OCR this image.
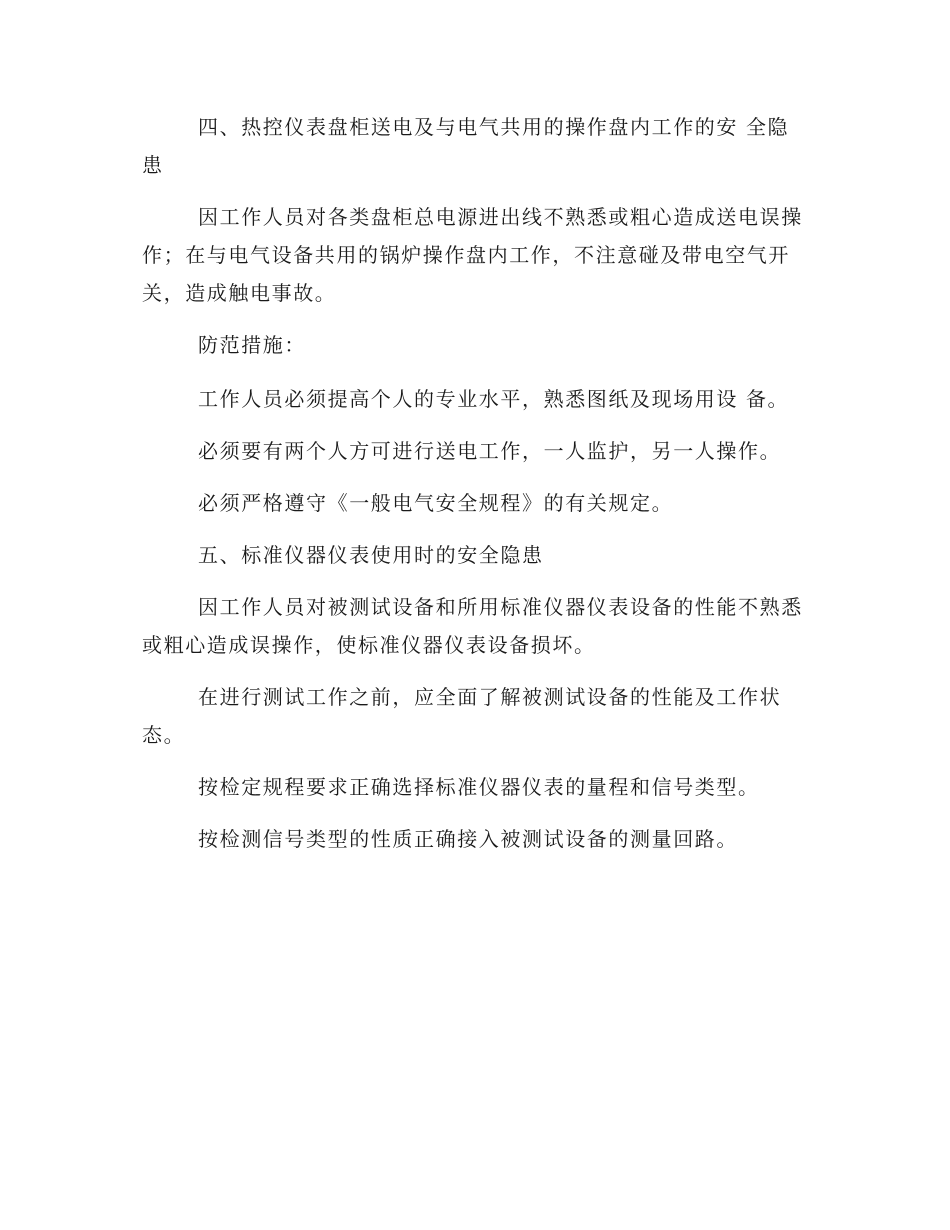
四、热控仪表盘柜送电及与电气共用的操作盘内工作的安 全隐患

因工作人员对各类盘柜总电源进出线不熟悉或粗心造成送电误操作；在与电气设备共用的锅炉操作盘内工作，不注意碰及带电空气开关，造成触电事故。

防范措施：

工作人员必须提高个人的专业水平，熟悉图纸及现场用设 备。

必须要有两个人方可进行送电工作，一人监护，另一人操作。

必须严格遵守《一般电气安全规程》的有关规定。

五、标准仪器仪表使用时的安全隐患

因工作人员对被测试设备和所用标准仪器仪表设备的性能不熟悉或粗心造成误操作，使标准仪器仪表设备损坏。

在进行测试工作之前，应全面了解被测试设备的性能及工作状态。

按检定规程要求正确选择标准仪器仪表的量程和信号类型。

按检测信号类型的性质正确接入被测试设备的测量回路。
